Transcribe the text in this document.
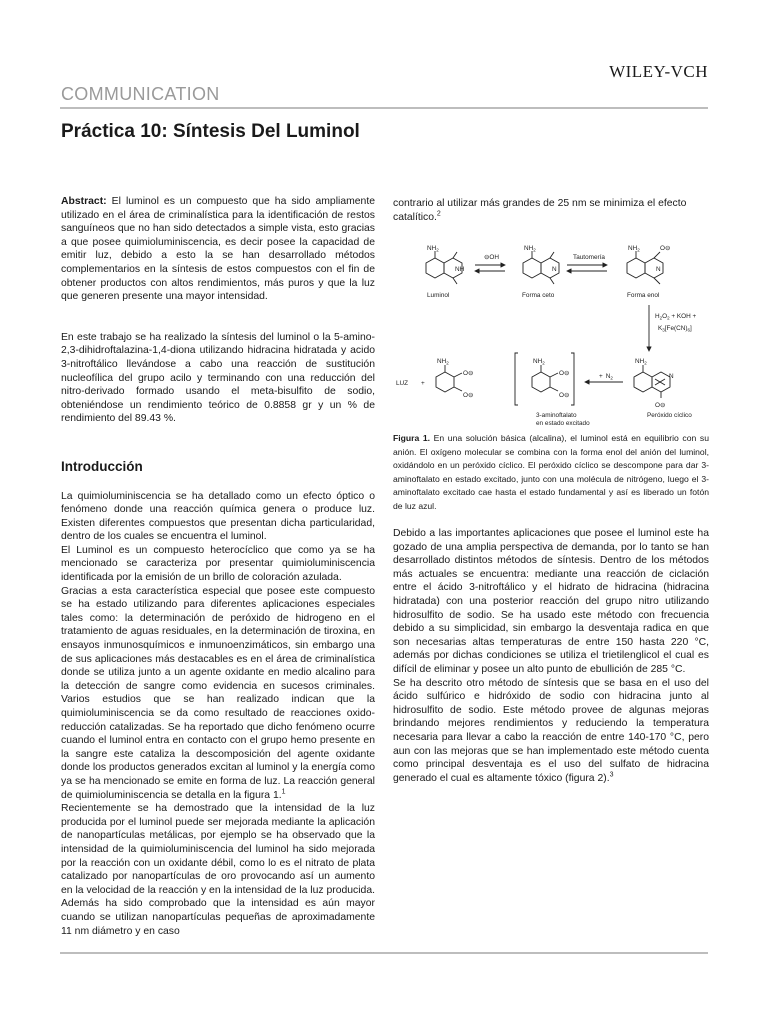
WILEY-VCH
COMMUNICATION
Práctica 10: Síntesis Del Luminol

Abstract: El luminol es un compuesto que ha sido ampliamente utilizado en el área de criminalística para la identificación de restos sanguíneos que no han sido detectados a simple vista, esto gracias a que posee quimioluminiscencia, es decir posee la capacidad de emitir luz, debido a esto la se han desarrollado métodos complementarios en la síntesis de estos compuestos con el fin de obtener productos con altos rendimientos, más puros y que la luz que generen presente una mayor intensidad.

En este trabajo se ha realizado la síntesis del luminol o la 5-amino-2,3-dihidroftalazina-1,4-diona utilizando hidracina hidratada y acido 3-nitroftálico llevándose a cabo una reacción de sustitución nucleofílica del grupo acilo y terminando con una reducción del nitro-derivado formado usando el meta-bisulfito de sodio, obteniéndose un rendimiento teórico de 0.8858 gr y un % de rendimiento del 89.43 %.

Introducción

La quimioluminiscencia se ha detallado como un efecto óptico o fenómeno donde una reacción química genera o produce luz. Existen diferentes compuestos que presentan dicha particularidad, dentro de los cuales se encuentra el luminol.

El Luminol es un compuesto heterocíclico que como ya se ha mencionado se caracteriza por presentar quimioluminiscencia identificada por la emisión de un brillo de coloración azulada.

Gracias a esta característica especial que posee este compuesto se ha estado utilizando para diferentes aplicaciones especiales tales como: la determinación de peróxido de hidrogeno en el tratamiento de aguas residuales, en la determinación de tiroxina, en ensayos inmunosquímicos e inmunoenzimáticos, sin embargo una de sus aplicaciones más destacables es en el área de criminalística donde se utiliza junto a un agente oxidante en medio alcalino para la detección de sangre como evidencia en sucesos criminales. Varios estudios que se han realizado indican que la quimioluminiscencia se da como resultado de reacciones oxido-reducción catalizadas. Se ha reportado que dicho fenómeno ocurre cuando el luminol entra en contacto con el grupo hemo presente en la sangre este cataliza la descomposición del agente oxidante donde los productos generados excitan al luminol y la energía como ya se ha mencionado se emite en forma de luz. La reacción general de quimioluminiscencia se detalla en la figura 1.$^1$

Recientemente se ha demostrado que la intensidad de la luz producida por el luminol puede ser mejorada mediante la aplicación de nanopartículas metálicas, por ejemplo se ha observado que la intensidad de la quimioluminiscencia del luminol ha sido mejorada por la reacción con un oxidante débil, como lo es el nitrato de plata catalizado por nanopartículas de oro provocando así un aumento en la velocidad de la reacción y en la intensidad de la luz producida. Además ha sido comprobado que la intensidad es aún mayor cuando se utilizan nanopartículas pequeñas de aproximadamente 11 nm diámetro y en caso

contrario al utilizar más grandes de 25 nm se minimiza el efecto catalítico.$^2$

$NH_2$
NH
⊖OH
$NH_2$
N
Tautomería
$NH_2$	O⊖
N
Luminol	Forma ceto	Forma enol
$H_2O_2$ + KOH +
$K_3[Fe(CN)_6]$
$NH_2$
N
O⊖
Peróxido cíclico
+ $N_2$
$NH_2$
O⊖
O⊖
3-aminoftalato
en estado excitado
$NH_2$
O⊖
O⊖
LUZ +
Figura 1. En una solución básica (alcalina), el luminol está en equilibrio con su anión. El oxígeno molecular se combina con la forma enol del anión del luminol, oxidándolo en un peróxido cíclico. El peróxido cíclico se descompone para dar 3-aminoftalato en estado excitado, junto con una molécula de nitrógeno, luego el 3-aminoftalato excitado cae hasta el estado fundamental y así es liberado un fotón de luz azul.

Debido a las importantes aplicaciones que posee el luminol este ha gozado de una amplia perspectiva de demanda, por lo tanto se han desarrollado distintos métodos de síntesis. Dentro de los métodos más actuales se encuentra: mediante una reacción de ciclación entre el ácido 3-nitroftálico y el hidrato de hidracina (hidracina hidratada) con una posterior reacción del grupo nitro utilizando hidrosulfito de sodio. Se ha usado este método con frecuencia debido a su simplicidad, sin embargo la desventaja radica en que son necesarias altas temperaturas de entre 150 hasta 220 °C, además por dichas condiciones se utiliza el trietilenglicol el cual es difícil de eliminar y posee un alto punto de ebullición de 285 °C.

Se ha descrito otro método de síntesis que se basa en el uso del ácido sulfúrico e hidróxido de sodio con hidracina junto al hidrosulfito de sodio. Este método provee de algunas mejoras brindando mejores rendimientos y reduciendo la temperatura necesaria para llevar a cabo la reacción de entre 140-170 °C, pero aun con las mejoras que se han implementado este método cuenta como principal desventaja es el uso del sulfato de hidracina generado el cual es altamente tóxico (figura 2).$^3$
